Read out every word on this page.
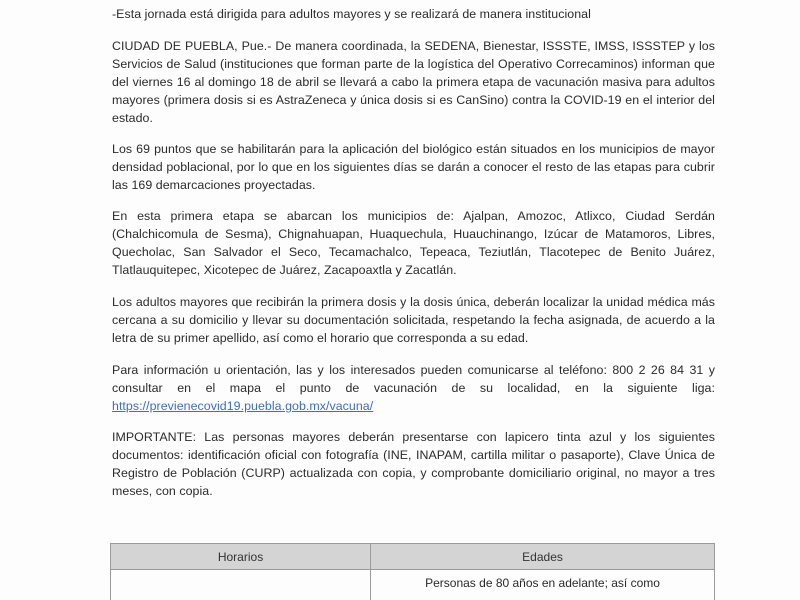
-Esta jornada está dirigida para adultos mayores y se realizará de manera institucional
CIUDAD DE PUEBLA, Pue.- De manera coordinada, la SEDENA, Bienestar, ISSSTE, IMSS, ISSSTEP y los Servicios de Salud (instituciones que forman parte de la logística del Operativo Correcaminos) informan que del viernes 16 al domingo 18 de abril se llevará a cabo la primera etapa de vacunación masiva para adultos mayores (primera dosis si es AstraZeneca y única dosis si es CanSino) contra la COVID-19 en el interior del estado.
Los 69 puntos que se habilitarán para la aplicación del biológico están situados en los municipios de mayor densidad poblacional, por lo que en los siguientes días se darán a conocer el resto de las etapas para cubrir las 169 demarcaciones proyectadas.
En esta primera etapa se abarcan los municipios de: Ajalpan, Amozoc, Atlixco, Ciudad Serdán (Chalchicomula de Sesma), Chignahuapan, Huaquechula, Huauchinango, Izúcar de Matamoros, Libres, Quecholac, San Salvador el Seco, Tecamachalco, Tepeaca, Teziutlán, Tlacotepec de Benito Juárez, Tlatlauquitepec, Xicotepec de Juárez, Zacapoaxtla y Zacatlán.
Los adultos mayores que recibirán la primera dosis y la dosis única, deberán localizar la unidad médica más cercana a su domicilio y llevar su documentación solicitada, respetando la fecha asignada, de acuerdo a la letra de su primer apellido, así como el horario que corresponda a su edad.
Para información u orientación, las y los interesados pueden comunicarse al teléfono: 800 2 26 84 31 y consultar en el mapa el punto de vacunación de su localidad, en la siguiente liga: https://previenecovid19.puebla.gob.mx/vacuna/
IMPORTANTE: Las personas mayores deberán presentarse con lapicero tinta azul y los siguientes documentos: identificación oficial con fotografía (INE, INAPAM, cartilla militar o pasaporte), Clave Única de Registro de Población (CURP) actualizada con copia, y comprobante domiciliario original, no mayor a tres meses, con copia.
Horarios	Edades
	Personas de 80 años en adelante; así como
